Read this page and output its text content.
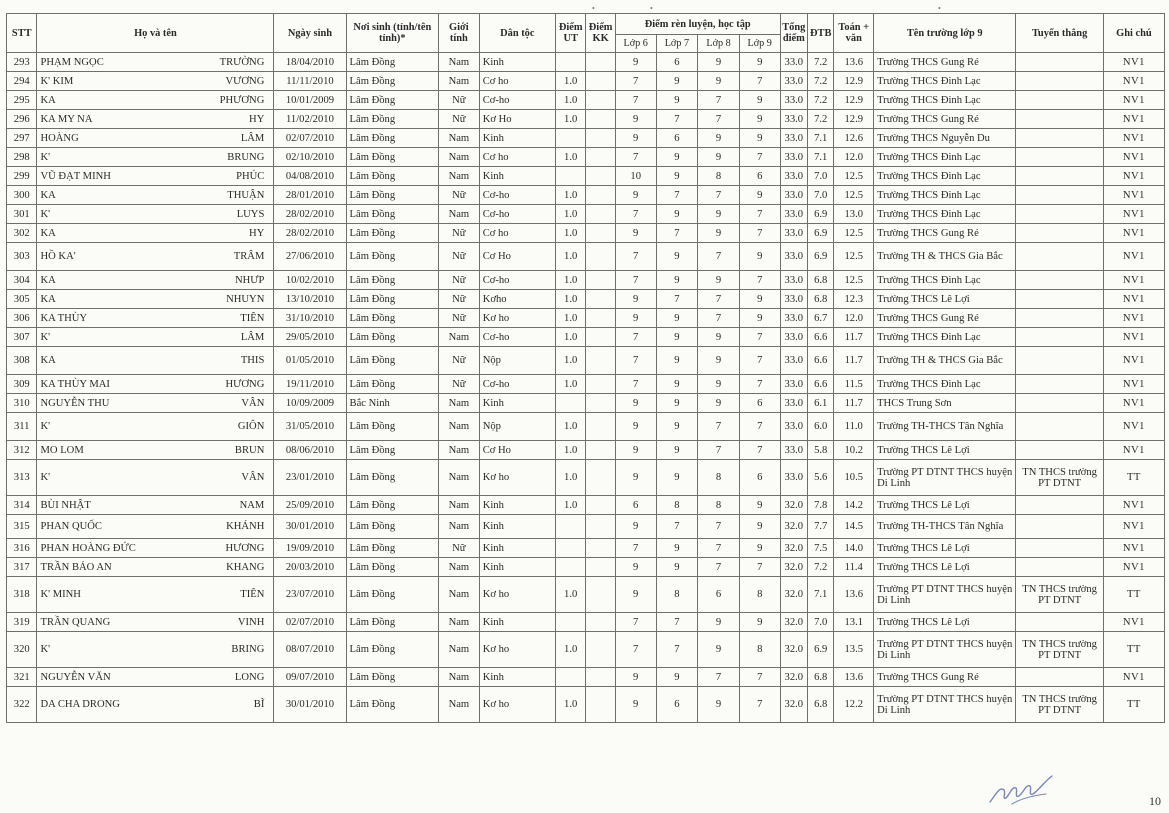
•	•	•
STT	Họ và tên	Ngày sinh	Nơi sinh (tỉnh/tên tỉnh)*	Giới tính	Dân tộc	Điểm UT	Điểm KK	Điểm rèn luyện, học tập				Tổng điểm	ĐTB	Toán + văn	Tên trường lớp 9	Tuyển thẳng	Ghi chú
								Lớp 6	Lớp 7	Lớp 8	Lớp 9						
293	PHẠM NGỌC TRƯỜNG	18/04/2010	Lâm Đồng	Nam	Kinh			9	6	9	9	33.0	7.2	13.6	Trường THCS Gung Ré		NV1
294	K' KIM VƯƠNG	11/11/2010	Lâm Đồng	Nam	Cơ ho	1.0		7	9	9	7	33.0	7.2	12.9	Trường THCS Đinh Lạc		NV1
295	KA PHƯƠNG	10/01/2009	Lâm Đồng	Nữ	Cơ-ho	1.0		7	9	7	9	33.0	7.2	12.9	Trường THCS Đinh Lạc		NV1
296	KA MY NA HY	11/02/2010	Lâm Đồng	Nữ	Kơ Ho	1.0		9	7	7	9	33.0	7.2	12.9	Trường THCS Gung Ré		NV1
297	HOÀNG LÂM	02/07/2010	Lâm Đồng	Nam	Kinh			9	6	9	9	33.0	7.1	12.6	Trường THCS Nguyễn Du		NV1
298	K' BRUNG	02/10/2010	Lâm Đồng	Nam	Cơ ho	1.0		7	9	9	7	33.0	7.1	12.0	Trường THCS Đinh Lạc		NV1
299	VŨ ĐẠT MINH PHÚC	04/08/2010	Lâm Đồng	Nam	Kinh			10	9	8	6	33.0	7.0	12.5	Trường THCS Đinh Lạc		NV1
300	KA THUẬN	28/01/2010	Lâm Đồng	Nữ	Cơ-ho	1.0		9	7	7	9	33.0	7.0	12.5	Trường THCS Đinh Lạc		NV1
301	K' LUYS	28/02/2010	Lâm Đồng	Nam	Cơ-ho	1.0		7	9	9	7	33.0	6.9	13.0	Trường THCS Đinh Lạc		NV1
302	KA HY	28/02/2010	Lâm Đồng	Nữ	Cơ ho	1.0		9	7	9	7	33.0	6.9	12.5	Trường THCS Gung Ré		NV1
303	HỒ KA' TRÂM	27/06/2010	Lâm Đồng	Nữ	Cơ Ho	1.0		7	9	7	9	33.0	6.9	12.5	Trường TH & THCS Gia Bắc		NV1
304	KA NHƯP	10/02/2010	Lâm Đồng	Nữ	Cơ-ho	1.0		7	9	9	7	33.0	6.8	12.5	Trường THCS Đinh Lạc		NV1
305	KA NHUYN	13/10/2010	Lâm Đồng	Nữ	Kơho	1.0		9	7	7	9	33.0	6.8	12.3	Trường THCS Lê Lợi		NV1
306	KA THÙY TIÊN	31/10/2010	Lâm Đồng	Nữ	Kơ ho	1.0		9	9	7	9	33.0	6.7	12.0	Trường THCS Gung Ré		NV1
307	K' LÂM	29/05/2010	Lâm Đồng	Nam	Cơ-ho	1.0		7	9	9	7	33.0	6.6	11.7	Trường THCS Đinh Lạc		NV1
308	KA THIS	01/05/2010	Lâm Đồng	Nữ	Nộp	1.0		7	9	9	7	33.0	6.6	11.7	Trường TH & THCS Gia Bắc		NV1
309	KA THÙY MAI HƯƠNG	19/11/2010	Lâm Đồng	Nữ	Cơ-ho	1.0		7	9	9	7	33.0	6.6	11.5	Trường THCS Đinh Lạc		NV1
310	NGUYỄN THU VÂN	10/09/2009	Bắc Ninh	Nam	Kinh			9	9	9	6	33.0	6.1	11.7	THCS Trung Sơn		NV1
311	K' GIÔN	31/05/2010	Lâm Đồng	Nam	Nộp	1.0		9	9	7	7	33.0	6.0	11.0	Trường TH-THCS Tân Nghĩa		NV1
312	MO LOM BRUN	08/06/2010	Lâm Đồng	Nam	Cơ Ho	1.0		9	9	7	7	33.0	5.8	10.2	Trường THCS Lê Lợi		NV1
313	K' VÂN	23/01/2010	Lâm Đồng	Nam	Kơ ho	1.0		9	9	8	6	33.0	5.6	10.5	Trường PT DTNT THCS huyện Di Linh	TN THCS trường PT DTNT	TT
314	BÙI NHẬT NAM	25/09/2010	Lâm Đồng	Nam	Kinh	1.0		6	8	8	9	32.0	7.8	14.2	Trường THCS Lê Lợi		NV1
315	PHAN QUỐC KHÁNH	30/01/2010	Lâm Đồng	Nam	Kinh			9	7	7	9	32.0	7.7	14.5	Trường TH-THCS Tân Nghĩa		NV1
316	PHAN HOÀNG ĐỨC HƯƠNG	19/09/2010	Lâm Đồng	Nữ	Kinh			7	9	7	9	32.0	7.5	14.0	Trường THCS Lê Lợi		NV1
317	TRẦN BẢO AN KHANG	20/03/2010	Lâm Đồng	Nam	Kinh			9	9	7	7	32.0	7.2	11.4	Trường THCS Lê Lợi		NV1
318	K' MINH TIÊN	23/07/2010	Lâm Đồng	Nam	Kơ ho	1.0		9	8	6	8	32.0	7.1	13.6	Trường PT DTNT THCS huyện Di Linh	TN THCS trường PT DTNT	TT
319	TRẦN QUANG VINH	02/07/2010	Lâm Đồng	Nam	Kinh			7	7	9	9	32.0	7.0	13.1	Trường THCS Lê Lợi		NV1
320	K' BRING	08/07/2010	Lâm Đồng	Nam	Kơ ho	1.0		7	7	9	8	32.0	6.9	13.5	Trường PT DTNT THCS huyện Di Linh	TN THCS trường PT DTNT	TT
321	NGUYỄN VĂN LONG	09/07/2010	Lâm Đồng	Nam	Kinh			9	9	7	7	32.0	6.8	13.6	Trường THCS Gung Ré		NV1
322	DA CHA DRONG BĨ	30/01/2010	Lâm Đồng	Nam	Kơ ho	1.0		9	6	9	7	32.0	6.8	12.2	Trường PT DTNT THCS huyện Di Linh	TN THCS trường PT DTNT	TT
10
